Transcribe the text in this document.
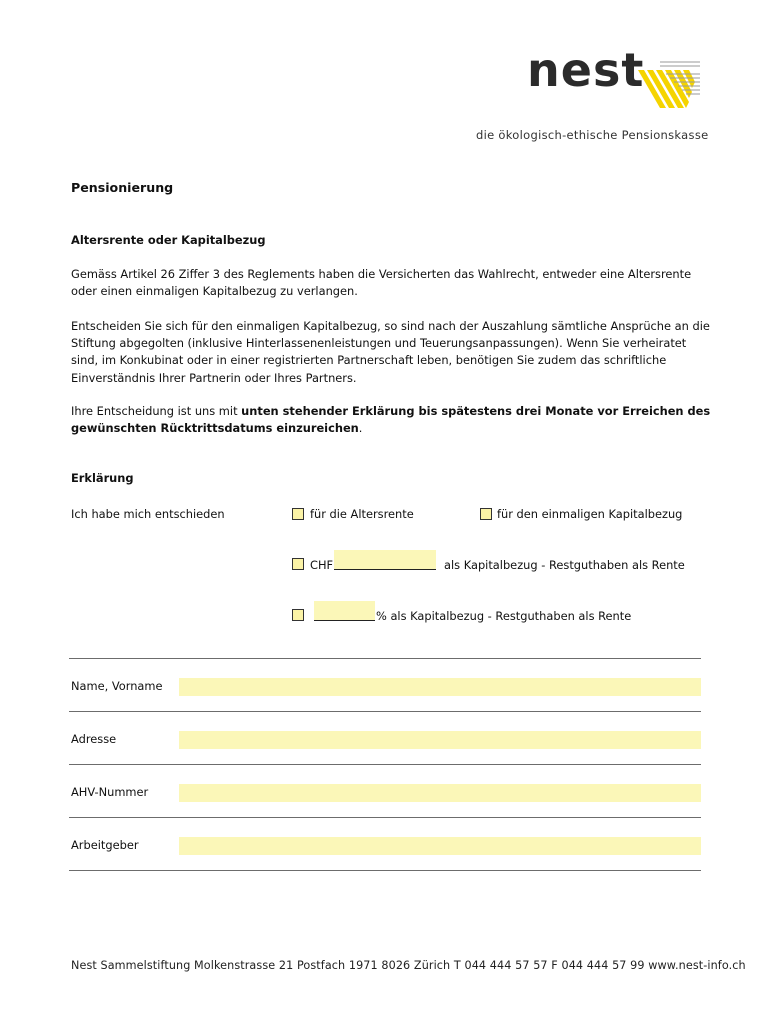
nest
die ökologisch-ethische Pensionskasse
Pensionierung
Altersrente oder Kapitalbezug
Gemäss Artikel 26 Ziffer 3 des Reglements haben die Versicherten das Wahlrecht, entweder eine Altersrente oder einen einmaligen Kapitalbezug zu verlangen.
Entscheiden Sie sich für den einmaligen Kapitalbezug, so sind nach der Auszahlung sämtliche Ansprüche an die Stiftung abgegolten (inklusive Hinterlassenenleistungen und Teuerungsanpassungen). Wenn Sie verheiratet sind, im Konkubinat oder in einer registrierten Partnerschaft leben, benötigen Sie zudem das schriftliche Einverständnis Ihrer Partnerin oder Ihres Partners.
Ihre Entscheidung ist uns mit unten stehender Erklärung bis spätestens drei Monate vor Erreichen des gewünschten Rücktrittsdatums einzureichen.
Erklärung
Ich habe mich entschieden	für die Altersrente	für den einmaligen Kapitalbezug
CHF	als Kapitalbezug - Restguthaben als Rente
% als Kapitalbezug - Restguthaben als Rente
Name, Vorname
Adresse
AHV-Nummer
Arbeitgeber
Nest Sammelstiftung Molkenstrasse 21 Postfach 1971 8026 Zürich T 044 444 57 57 F 044 444 57 99 www.nest-info.ch
